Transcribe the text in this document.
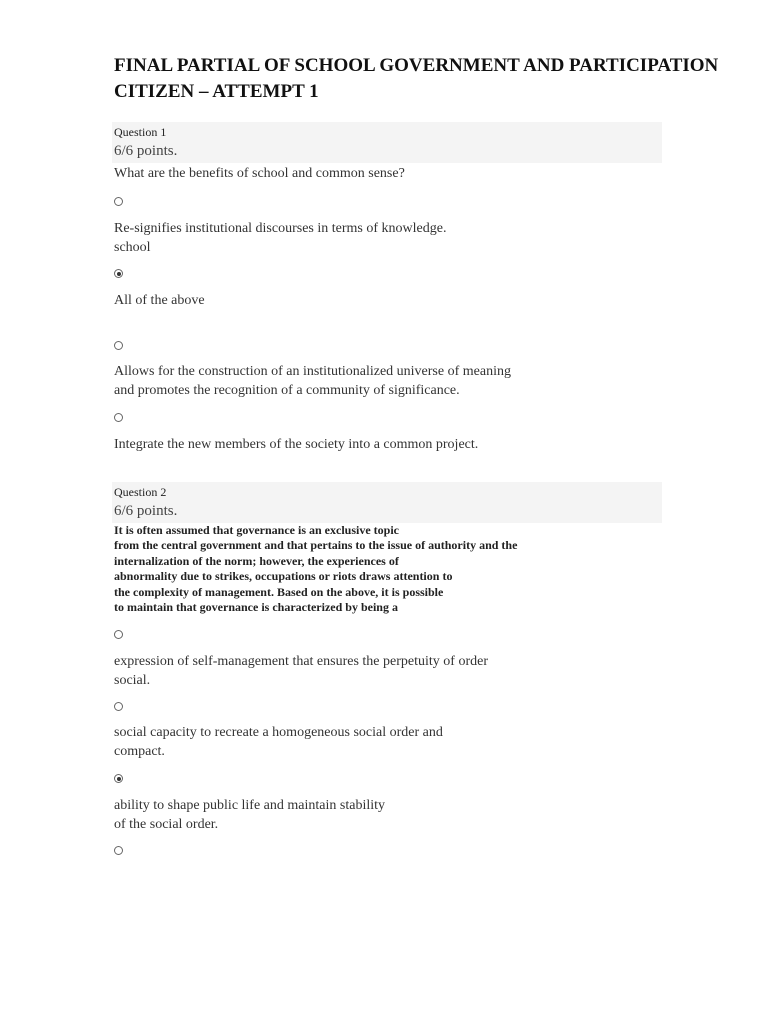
FINAL PARTIAL OF SCHOOL GOVERNMENT AND PARTICIPATION
CITIZEN – ATTEMPT 1
Question 1
6/6 points.

What are the benefits of school and common sense?

Re-signifies institutional discourses in terms of knowledge.
school
All of the above
Allows for the construction of an institutionalized universe of meaning
and promotes the recognition of a community of significance.
Integrate the new members of the society into a common project.
Question 2
6/6 points.

It is often assumed that governance is an exclusive topic
from the central government and that pertains to the issue of authority and the
internalization of the norm; however, the experiences of
abnormality due to strikes, occupations or riots draws attention to
the complexity of management. Based on the above, it is possible
to maintain that governance is characterized by being a

expression of self-management that ensures the perpetuity of order
social.
social capacity to recreate a homogeneous social order and
compact.
ability to shape public life and maintain stability
of the social order.
